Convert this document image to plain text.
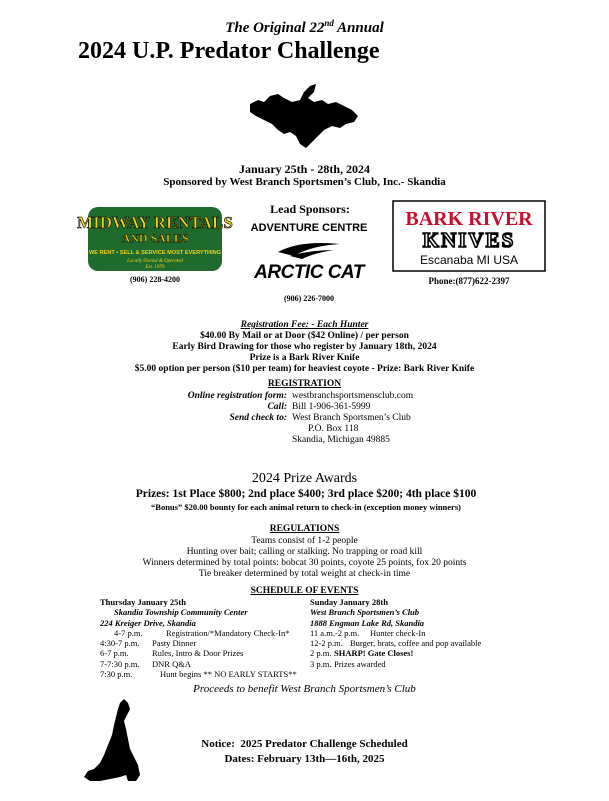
The Original 22nd Annual
2024 U.P. Predator Challenge
January 25th - 28th, 2024
Sponsored by West Branch Sportsmen’s Club, Inc.- Skandia
MIDWAY RENTALS
AND SALES
WE RENT • SELL & SERVICE MOST EVERYTHING
Locally Owned & Operated
Est. 1979
(906) 228-4200
Lead Sponsors:
ADVENTURE CENTRE
ARCTIC CAT
(906) 226-7000
BARK RIVER
KNIVES
Escanaba MI USA
Phone:(877)622-2397
Registration Fee: - Each Hunter
$40.00 By Mail or at Door ($42 Online) / per person
Early Bird Drawing for those who register by January 18th, 2024
Prize is a Bark River Knife
$5.00 option per person ($10 per team) for heaviest coyote - Prize: Bark River Knife
REGISTRATION
Online registration form: westbranchsportsmensclub.com
Call: Bill 1-906-361-5999
Send check to: West Branch Sportsmen’s Club
P.O. Box 118
Skandia, Michigan 49885
2024 Prize Awards
Prizes: 1st Place $800; 2nd place $400; 3rd place $200; 4th place $100
“Bonus” $20.00 bounty for each animal return to check-in (exception money winners)
REGULATIONS
Teams consist of 1-2 people
Hunting over bait; calling or stalking. No trapping or road kill
Winners determined by total points: bobcat 30 points, coyote 25 points, fox 20 points
Tie breaker determined by total weight at check-in time
SCHEDULE OF EVENTS
Thursday January 25th
Skandia Township Community Center
224 Kreiger Drive, Skandia
4-7 p.m.	Registration/*Mandatory Check-In*
4:30-7 p.m. Pasty Dinner
6-7 p.m.	Rules, Intro & Door Prizes
7-7:30 p.m. DNR Q&A
7:30 p.m.	Hunt begins ** NO EARLY STARTS**
Sunday January 28th
West Branch Sportsmen’s Club
1888 Engman Lake Rd, Skandia
11 a.m.-2 p.m. Hunter check-In
12-2 p.m. Burger, brats, coffee and pop available
2 p.m. SHARP! Gate Closes!
3 p.m. Prizes awarded
Proceeds to benefit West Branch Sportsmen’s Club
Notice: 2025 Predator Challenge Scheduled
Dates: February 13th—16th, 2025
